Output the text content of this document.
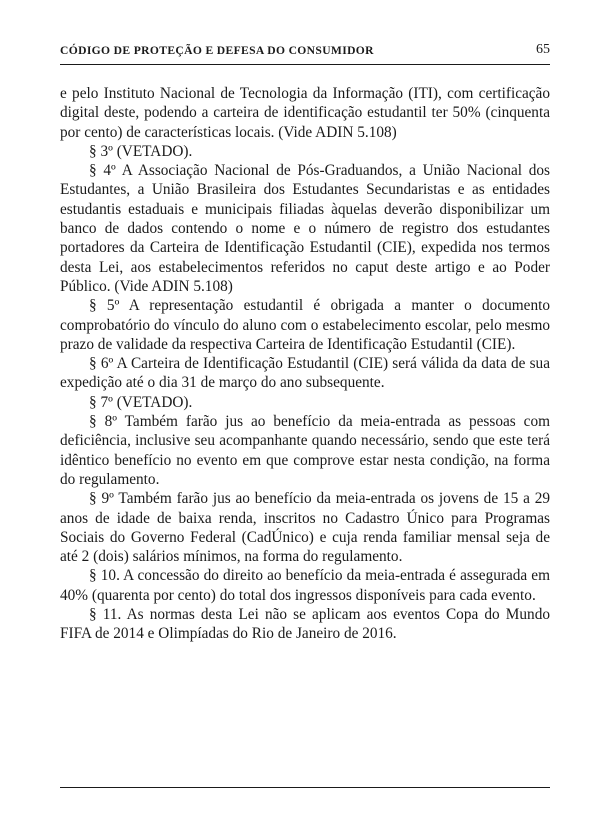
CÓDIGO DE PROTEÇÃO E DEFESA DO CONSUMIDOR	65

e pelo Instituto Nacional de Tecnologia da Informação (ITI), com certificação digital deste, podendo a carteira de identificação estudantil ter 50% (cinquenta por cento) de características locais. (Vide ADIN 5.108)

§ 3º (VETADO).

§ 4º A Associação Nacional de Pós-Graduandos, a União Nacional dos Estudantes, a União Brasileira dos Estudantes Secundaristas e as entidades estudantis estaduais e municipais filiadas àquelas deverão disponibilizar um banco de dados contendo o nome e o número de registro dos estudantes portadores da Carteira de Identificação Estudantil (CIE), expedida nos termos desta Lei, aos estabelecimentos referidos no caput deste artigo e ao Poder Público. (Vide ADIN 5.108)

§ 5º A representação estudantil é obrigada a manter o documento comprobatório do vínculo do aluno com o estabelecimento escolar, pelo mesmo prazo de validade da respectiva Carteira de Identificação Estudantil (CIE).

§ 6º A Carteira de Identificação Estudantil (CIE) será válida da data de sua expedição até o dia 31 de março do ano subsequente.

§ 7º (VETADO).

§ 8º Também farão jus ao benefício da meia-entrada as pessoas com deficiência, inclusive seu acompanhante quando necessário, sendo que este terá idêntico benefício no evento em que comprove estar nesta condição, na forma do regulamento.

§ 9º Também farão jus ao benefício da meia-entrada os jovens de 15 a 29 anos de idade de baixa renda, inscritos no Cadastro Único para Programas Sociais do Governo Federal (CadÚnico) e cuja renda familiar mensal seja de até 2 (dois) salários mínimos, na forma do regulamento.

§ 10. A concessão do direito ao benefício da meia-entrada é assegurada em 40% (quarenta por cento) do total dos ingressos disponíveis para cada evento.

§ 11. As normas desta Lei não se aplicam aos eventos Copa do Mundo FIFA de 2014 e Olimpíadas do Rio de Janeiro de 2016.
